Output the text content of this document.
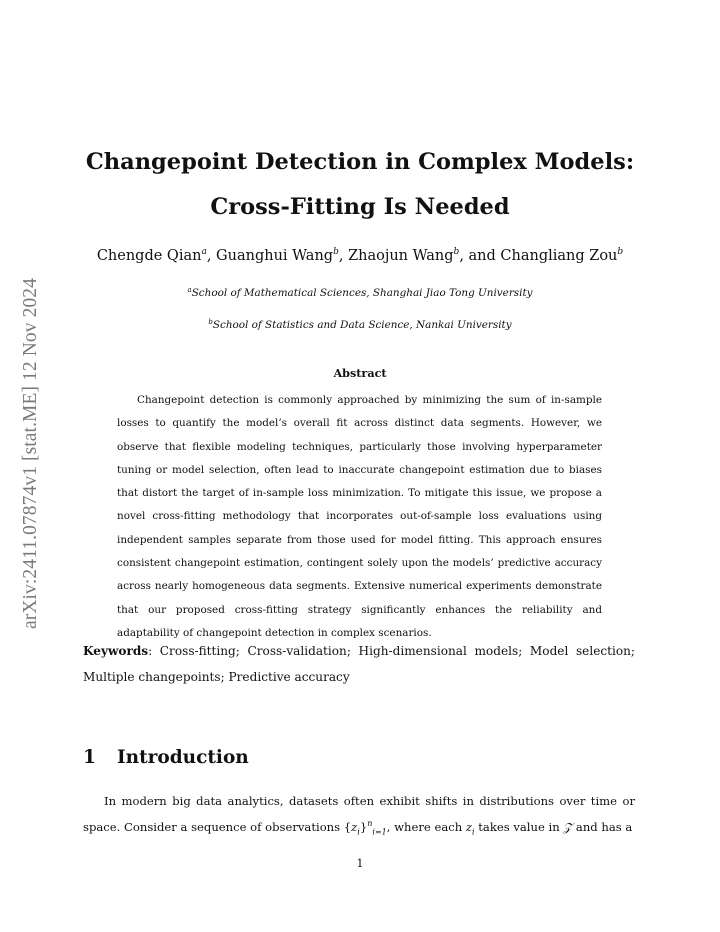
arXiv:2411.07874v1 [stat.ME] 12 Nov 2024
Changepoint Detection in Complex Models:
Cross-Fitting Is Needed
Chengde Qian$^a$, Guanghui Wang$^b$, Zhaojun Wang$^b$, and Changliang Zou$^b$
$^a$School of Mathematical Sciences, Shanghai Jiao Tong University
$^b$School of Statistics and Data Science, Nankai University
Abstract

Changepoint detection is commonly approached by minimizing the sum of in-sample losses to quantify the model’s overall fit across distinct data segments. However, we observe that flexible modeling techniques, particularly those involving hyperparameter tuning or model selection, often lead to inaccurate changepoint estimation due to biases that distort the target of in-sample loss minimization. To mitigate this issue, we propose a novel cross-fitting methodology that incorporates out-of-sample loss evaluations using independent samples separate from those used for model fitting. This approach ensures consistent changepoint estimation, contingent solely upon the models’ predictive accuracy across nearly homogeneous data segments. Extensive numerical experiments demonstrate that our proposed cross-fitting strategy significantly enhances the reliability and adaptability of changepoint detection in complex scenarios.

Keywords: Cross-fitting; Cross-validation; High-dimensional models; Model selection; Multiple changepoints; Predictive accuracy
1 Introduction

In modern big data analytics, datasets often exhibit shifts in distributions over time or space. Consider a sequence of observations $\{z_i\}^n_{i=1}$, where each $z_i$ takes value in 𝒵 and has a

1
